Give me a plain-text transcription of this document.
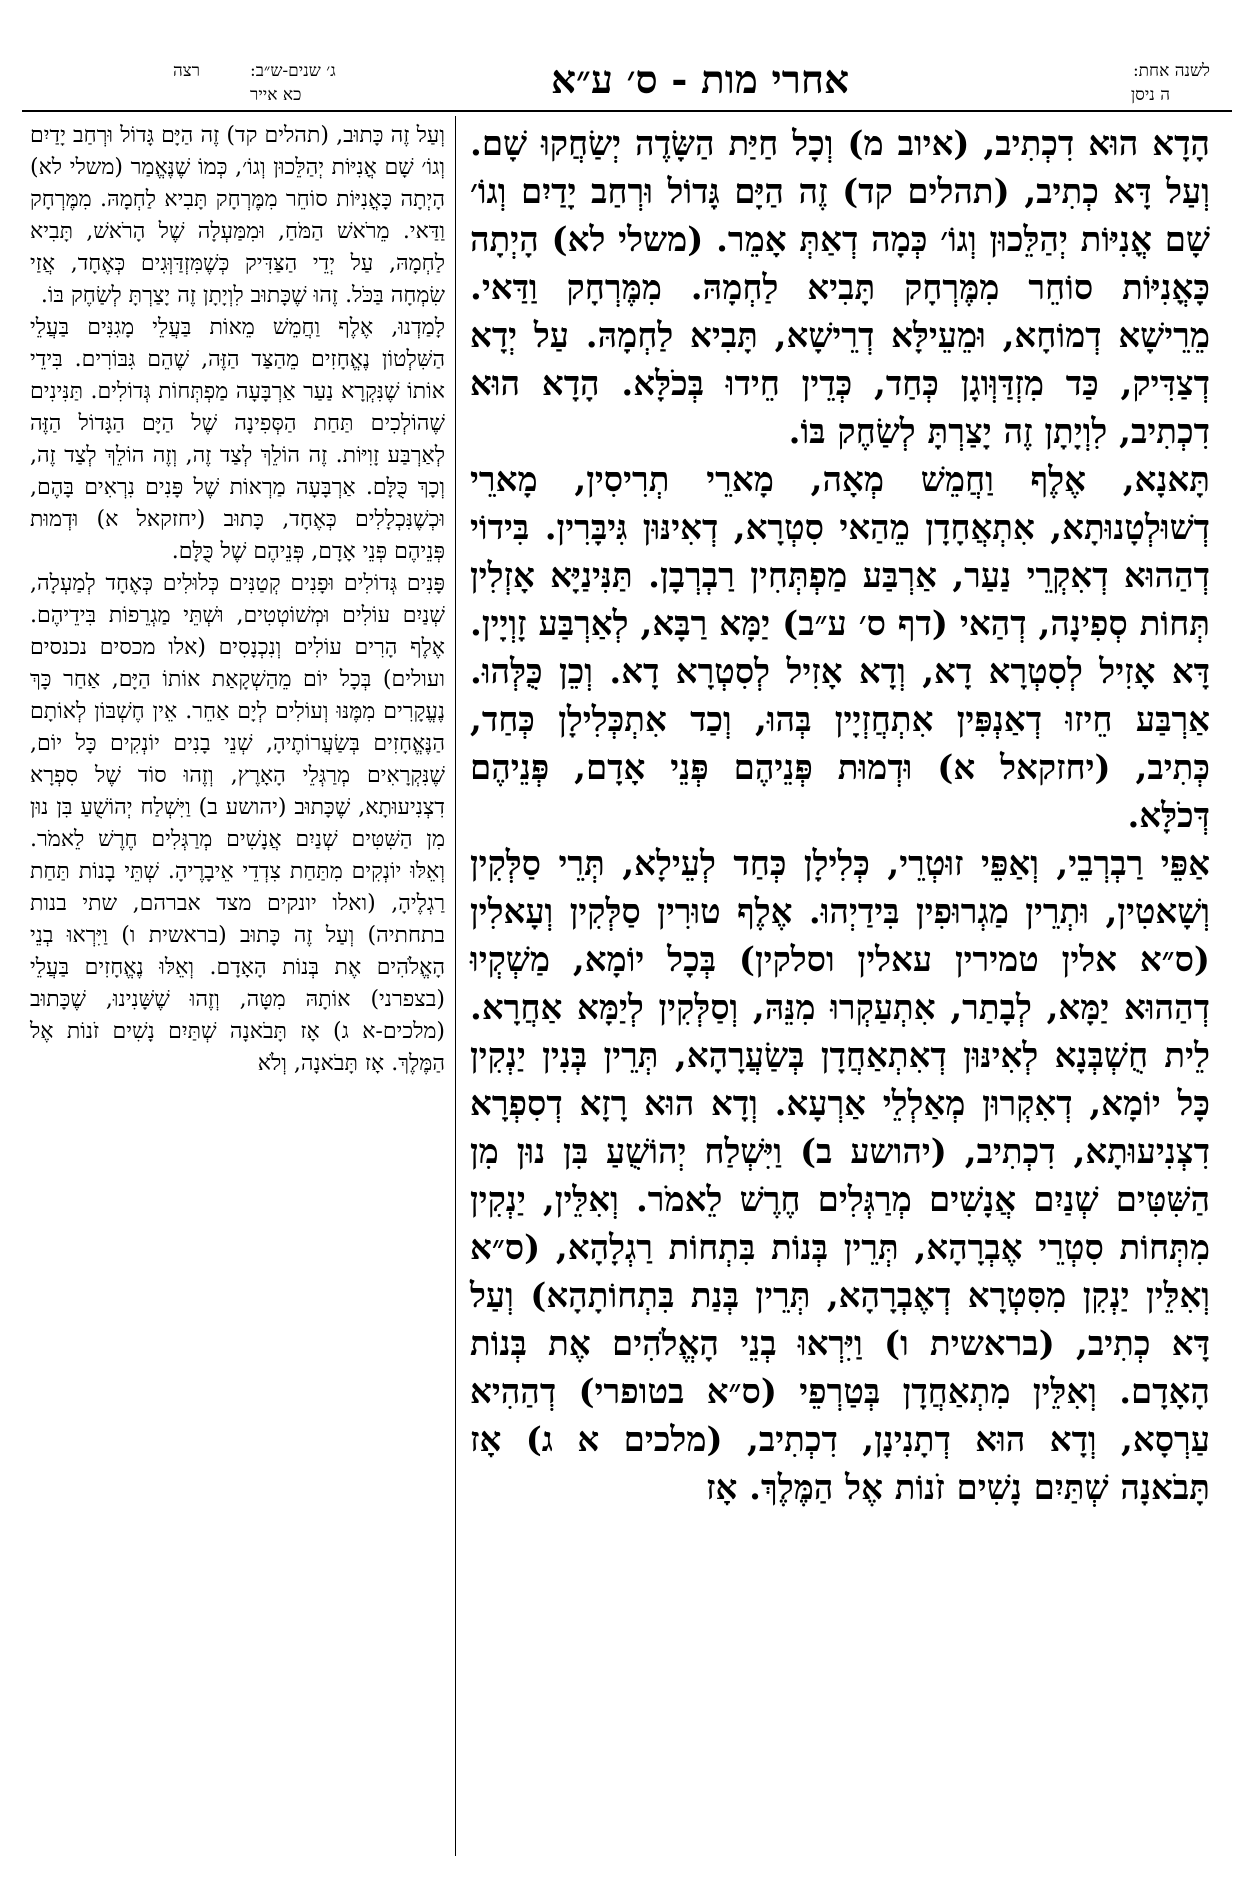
רצה	ג׳ שנים-ש״ב:
כא אייר	אחרי מות - ס׳ ע״א	לשנה אחת:
ה ניסן

הָדָא הוּא דִכְתִיב, (איוב מ) וְכָל חַיַּת הַשָּׂדֶה יְשַׂחֲקוּ שָׁם. וְעַל דָּא כְתִיב, (תהלים קד) זֶה הַיָּם גָּדוֹל וּרְחַב יָדַיִם וְגוֹ׳ שָׁם אֳנִיּוֹת יְהַלֵּכוּן וְגוֹ׳ כְּמָה דְאַתְּ אָמֵר. (משלי לא) הָיְתָה כָּאֳנִיּוֹת סוֹחֵר מִמֶּרְחָק תָּבִיא לַחְמָהּ. מִמֶּרְחָק וַדַּאי. מֵרֵישָׁא דְמוֹחָא, וּמֵעֵילָּא דְרֵישָׁא, תָּבִיא לַחְמָהּ. עַל יְדָא דְצַדִּיק, כַּד מִזְדַּוְּוגָן כְּחַד, כְּדֵין חֵידוּ בְּכֹלָּא. הָדָא הוּא דִכְתִיב, לִוְיָתָן זֶה יָצַרְתָּ לְשַׂחֶק בּוֹ.

תָּאנָא, אֶלֶף וַחֲמֵשׁ מְאָה, מָארֵי תְרִיסִין, מָארֵי דְשׁוּלְטָנוּתָא, אִתְאֲחָדָן מֵהַאי סִטְרָא, דְאִינּוּן גִּיבָּרִין. בִּידוֹי דְהַהוּא דְאִקְרֵי נַעַר, אַרְבַּע מַפְתְּחִין רַבְרְבָן. תַּנִּינַיָּא אָזְלִין תְּחוֹת סְפִינָה, דְהַאי (דף ס׳ ע״ב) יַמָּא רַבָּא, לְאַרְבַּע זָוְיָין. דָּא אָזִיל לְסִטְרָא דָא, וְדָא אָזִיל לְסִטְרָא דָא. וְכֵן כֻּלְּהוּ. אַרְבַּע חֵיזוּ דְאַנְפִּין אִתְחֲזְיָין בְּהוּ, וְכַד אִתְכְּלִילָן כְּחַד, כְּתִיב, (יחזקאל א) וּדְמוּת פְּנֵיהֶם פְּנֵי אָדָם, פְּנֵיהֶם דְּכֹלָּא.

אַפֵּי רַבְרְבֵי, וְאַפֵּי זוּטְרֵי, כְּלִילָן כְּחַד לְעֵילָא, תְּרֵי סַלְּקִין וְשָׁאטִין, וּתְרֵין מַגְרוּפִין בִּידַיְהוּ. אֶלֶף טוּרִין סַלְּקִין וְעָאלִין (ס״א אלין טמירין עאלין וסלקין) בְּכָל יוֹמָא, מַשְׁקְיוּ דְהַהוּא יַמָּא, לְבָתַר, אִתְעַקְרוּ מִנֵּהּ, וְסַלְּקִין לְיַמָּא אַחֲרָא. לֵית חֻשְׁבְּנָא לְאִינּוּן דְאִתְאַחֲדָן בְּשַׂעֲרָהָא, תְּרֵין בְּנִין יַנְקִין כָּל יוֹמָא, דְאִקְרוּן מְאַלְלֵי אַרְעָא. וְדָא הוּא רָזָא דְסִפְרָא דִצְנִיעוּתָא, דִכְתִיב, (יהושע ב) וַיִּשְׁלַח יְהוֹשֻׁעַ בִּן נוּן מִן הַשִּׁטִּים שְׁנַיִם אֲנָשִׁים מְרַגְּלִים חֶרֶשׁ לֵאמֹר. וְאִלֵּין, יַנְקִין מִתְּחוֹת סִטְרֵי אֶבְרָהָא, תְּרֵין בְּנוֹת בִּתְחוֹת רַגְלָהָא, (ס״א וְאִלֵּין יַנְקִן מִסִּטְרָא דְאֶבְרָהָא, תְּרֵין בְּנַת בִּתְחוֹתָהָא) וְעַל דָּא כְתִיב, (בראשית ו) וַיִּרְאוּ בְנֵי הָאֱלֹהִים אֶת בְּנוֹת הָאָדָם. וְאִלֵּין מִתְאַחֲדָן בְּטַרְפֵי (ס״א בטופרי) דְהַהִיא עַרְסָא, וְדָא הוּא דְתָנִינָן, דִכְתִיב, (מלכים א ג) אָז תָּבֹאנָה שְׁתַּיִם נָשִׁים זֹנוֹת אֶל הַמֶּלֶךְ. אָז

וְעַל זֶה כָּתוּב, (תהלים קד) זֶה הַיָּם גָּדוֹל וּרְחַב יָדַיִם וְגוֹ׳ שָׁם אֳנִיּוֹת יְהַלֵּכוּן וְגוֹ׳, כְּמוֹ שֶׁנֶּאֱמַר (משלי לא) הָיְתָה כָּאֳנִיּוֹת סוֹחֵר מִמֶּרְחָק תָּבִיא לַחְמָהּ. מִמֶּרְחָק וַדַּאי. מֵרֹאשׁ הַמֹּחַ, וּמִמַּעְלָה שֶׁל הָרֹאשׁ, תָּבִיא לַחְמָהּ, עַל יְדֵי הַצַּדִּיק כְּשֶׁמִּזְדַּוְּגִים כְּאֶחָד, אֲזַי שִׂמְחָה בַּכֹּל. זֶהוּ שֶׁכָּתוּב לִוְיָתָן זֶה יָצַרְתָּ לְשַׂחֶק בּוֹ.

לָמַדְנוּ, אֶלֶף וַחֲמֵשׁ מֵאוֹת בַּעֲלֵי מָגִנִּים בַּעֲלֵי הַשִּׁלְטוֹן נֶאֱחָזִים מֵהַצַּד הַזֶּה, שֶׁהֵם גִּבּוֹרִים. בִּידֵי אוֹתוֹ שֶׁנִּקְרָא נַעַר אַרְבָּעָה מַפְתְּחוֹת גְּדוֹלִים. תַּנִּינִים שֶׁהוֹלְכִים תַּחַת הַסְּפִינָה שֶׁל הַיָּם הַגָּדוֹל הַזֶּה לְאַרְבַּע זָוִיּוֹת. זֶה הוֹלֵךְ לְצַד זֶה, וְזֶה הוֹלֵךְ לְצַד זֶה, וְכָךְ כֻּלָּם. אַרְבָּעָה מַרְאוֹת שֶׁל פָּנִים נִרְאִים בָּהֶם, וּכְשֶׁנִּכְלָלִים כְּאֶחָד, כָּתוּב (יחזקאל א) וּדְמוּת פְּנֵיהֶם פְּנֵי אָדָם, פְּנֵיהֶם שֶׁל כֻּלָּם.

פָּנִים גְּדוֹלִים וּפָנִים קְטַנִּים כְּלוּלִים כְּאֶחָד לְמַעְלָה, שְׁנַיִם עוֹלִים וּמְשׁוֹטְטִים, וּשְׁתֵּי מַגְרֵפוֹת בִּידֵיהֶם. אֶלֶף הָרִים עוֹלִים וְנִכְנָסִים (אלו מכסים נכנסים ועולים) בְּכָל יוֹם מֵהַשְׁקָאַת אוֹתוֹ הַיָּם, אַחַר כָּךְ נֶעֱקָרִים מִמֶּנּוּ וְעוֹלִים לְיָם אַחֵר. אֵין חֶשְׁבּוֹן לְאוֹתָם הַנֶּאֱחָזִים בְּשַׂעֲרוֹתֶיהָ, שְׁנֵי בָנִים יוֹנְקִים כָּל יוֹם, שֶׁנִּקְרָאִים מְרַגְּלֵי הָאָרֶץ, וְזֶהוּ סוֹד שֶׁל סִפְרָא דִצְנִיעוּתָא, שֶׁכָּתוּב (יהושע ב) וַיִּשְׁלַח יְהוֹשֻׁעַ בִּן נוּן מִן הַשִּׁטִּים שְׁנַיִם אֲנָשִׁים מְרַגְּלִים חֶרֶשׁ לֵאמֹר. וְאֵלּוּ יוֹנְקִים מִתַּחַת צִדְדֵי אֵיבָרֶיהָ. שְׁתֵּי בָנוֹת תַּחַת רַגְלֶיהָ, (ואלו יונקים מצד אברהם, שתי בנות בתחתיה) וְעַל זֶה כָּתוּב (בראשית ו) וַיִּרְאוּ בְנֵי הָאֱלֹהִים אֶת בְּנוֹת הָאָדָם. וְאֵלּוּ נֶאֱחָזִים בַּעֲלֵי (בצפרני) אוֹתָהּ מִטָּה, וְזֶהוּ שֶׁשָּׁנִינוּ, שֶׁכָּתוּב (מלכים-א ג) אָז תָּבֹאנָה שְׁתַּיִם נָשִׁים זֹנוֹת אֶל הַמֶּלֶךְ. אָז תָּבֹאנָה, וְלֹא
